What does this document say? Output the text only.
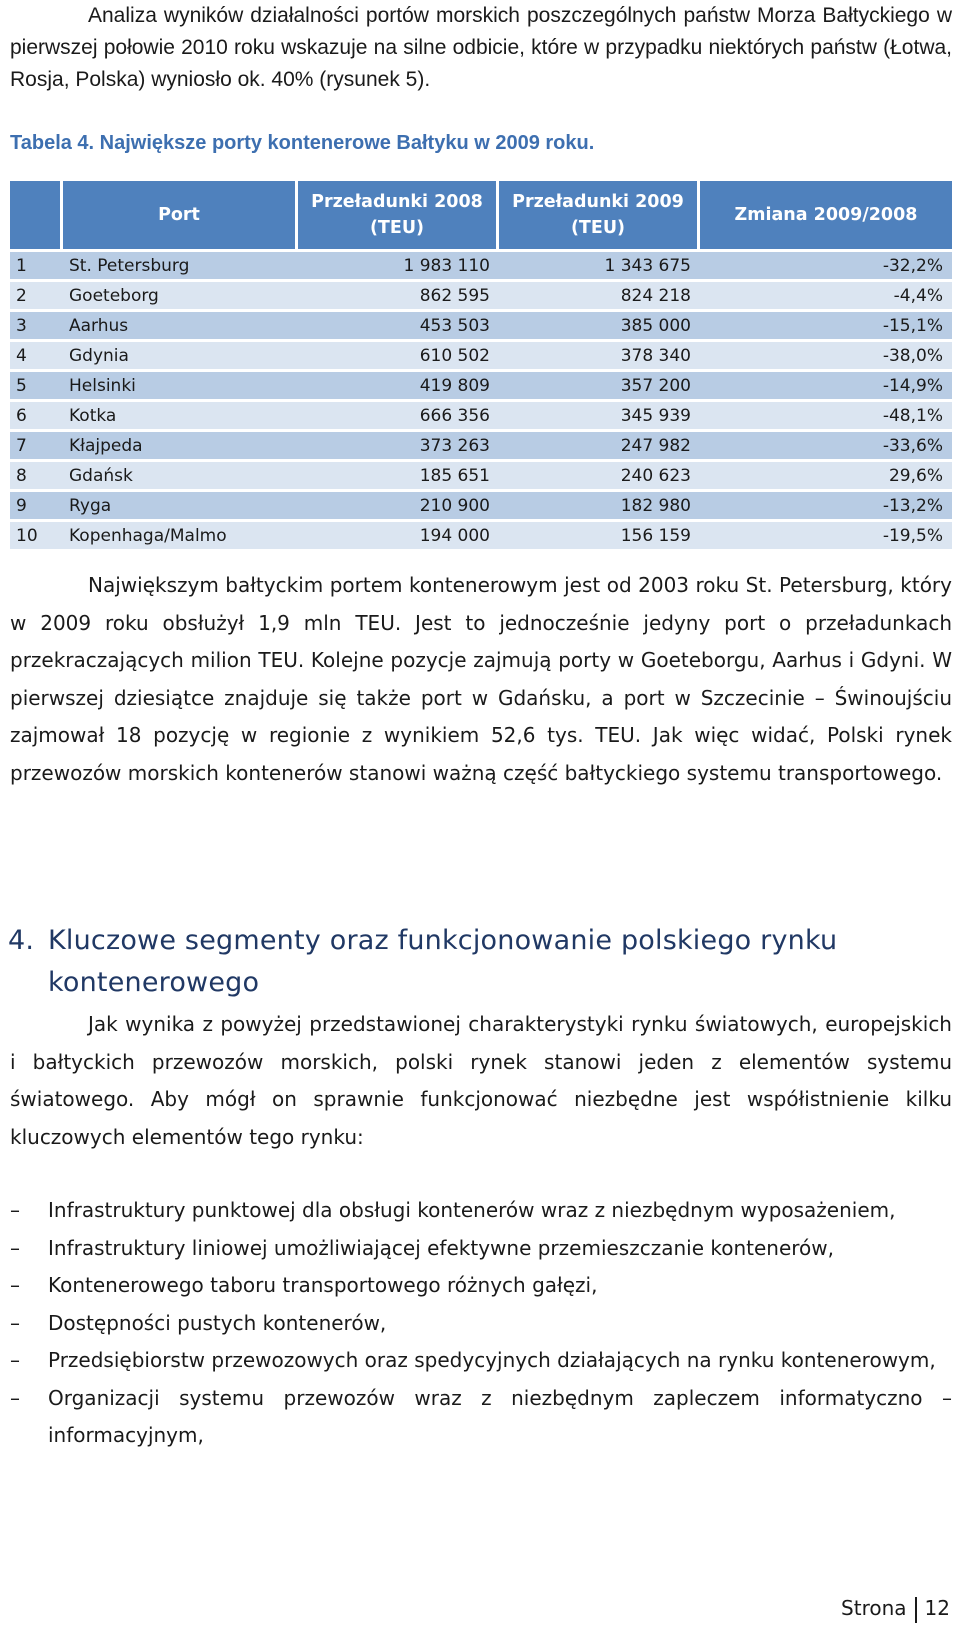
Analiza wyników działalności portów morskich poszczególnych państw Morza Bałtyckiego w pierwszej połowie 2010 roku wskazuje na silne odbicie, które w przypadku niektórych państw (Łotwa, Rosja, Polska) wyniosło ok. 40% (rysunek 5).

Tabela 4. Największe porty kontenerowe Bałtyku w 2009 roku.

	Port	Przeładunki 2008 (TEU)	Przeładunki 2009 (TEU)	Zmiana 2009/2008
1	St. Petersburg	1 983 110	1 343 675	-32,2%
2	Goeteborg	862 595	824 218	-4,4%
3	Aarhus	453 503	385 000	-15,1%
4	Gdynia	610 502	378 340	-38,0%
5	Helsinki	419 809	357 200	-14,9%
6	Kotka	666 356	345 939	-48,1%
7	Kłajpeda	373 263	247 982	-33,6%
8	Gdańsk	185 651	240 623	29,6%
9	Ryga	210 900	182 980	-13,2%
10	Kopenhaga/Malmo	194 000	156 159	-19,5%

Największym bałtyckim portem kontenerowym jest od 2003 roku St. Petersburg, który w 2009 roku obsłużył 1,9 mln TEU. Jest to jednocześnie jedyny port o przeładunkach przekraczających milion TEU. Kolejne pozycje zajmują porty w Goeteborgu, Aarhus i Gdyni. W pierwszej dziesiątce znajduje się także port w Gdańsku, a port w Szczecinie – Świnoujściu zajmował 18 pozycję w regionie z wynikiem 52,6 tys. TEU. Jak więc widać, Polski rynek przewozów morskich kontenerów stanowi ważną część bałtyckiego systemu transportowego.

4. Kluczowe segmenty oraz funkcjonowanie polskiego rynku
kontenerowego

Jak wynika z powyżej przedstawionej charakterystyki rynku światowych, europejskich i bałtyckich przewozów morskich, polski rynek stanowi jeden z elementów systemu światowego. Aby mógł on sprawnie funkcjonować niezbędne jest współistnienie kilku kluczowych elementów tego rynku:

–	Infrastruktury punktowej dla obsługi kontenerów wraz z niezbędnym wyposażeniem,
–	Infrastruktury liniowej umożliwiającej efektywne przemieszczanie kontenerów,
–	Kontenerowego taboru transportowego różnych gałęzi,
–	Dostępności pustych kontenerów,
–	Przedsiębiorstw przewozowych oraz spedycyjnych działających na rynku kontenerowym,
–	Organizacji systemu przewozów wraz z niezbędnym zapleczem informatyczno – informacyjnym,
Strona 12
